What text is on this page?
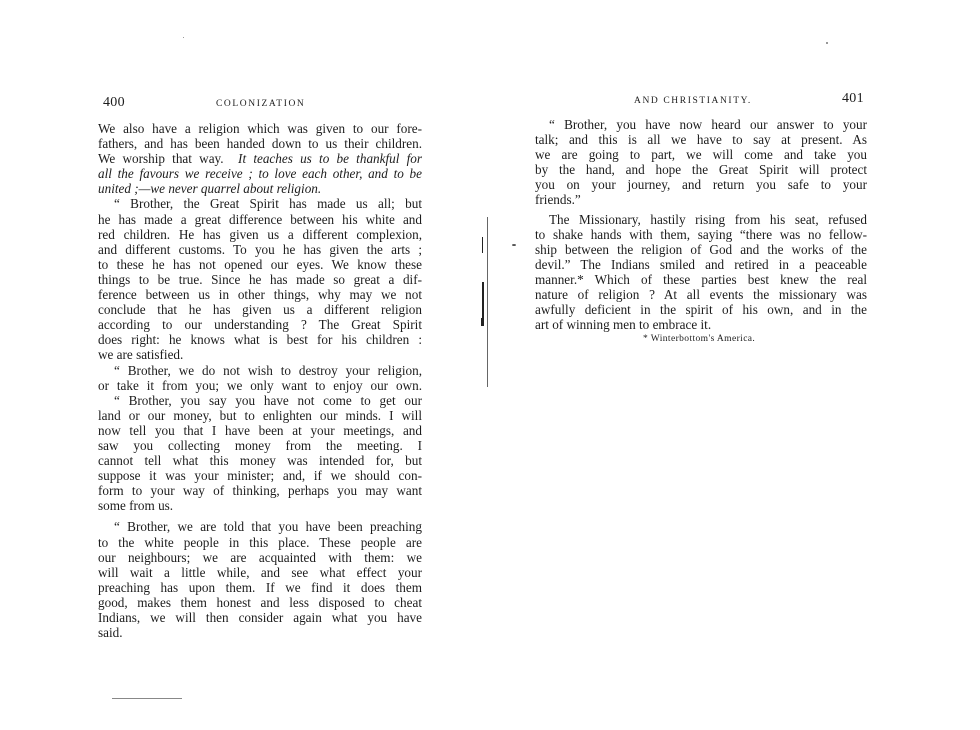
400	COLONIZATION

We also have a religion which was given to our fore-
fathers, and has been handed down to us their children.
We worship that way. It teaches us to be thankful for
all the favours we receive ; to love each other, and to be
united ;—we never quarrel about religion.

“ Brother, the Great Spirit has made us all; but
he has made a great difference between his white and
red children. He has given us a different complexion,
and different customs. To you he has given the arts ;
to these he has not opened our eyes. We know these
things to be true. Since he has made so great a dif-
ference between us in other things, why may we not
conclude that he has given us a different religion
according to our understanding ? The Great Spirit
does right: he knows what is best for his children :
we are satisfied.

“ Brother, we do not wish to destroy your religion,
or take it from you; we only want to enjoy our own.

“ Brother, you say you have not come to get our
land or our money, but to enlighten our minds. I will
now tell you that I have been at your meetings, and
saw you collecting money from the meeting. I
cannot tell what this money was intended for, but
suppose it was your minister; and, if we should con-
form to your way of thinking, perhaps you may want
some from us.

“ Brother, we are told that you have been preaching
to the white people in this place. These people are
our neighbours; we are acquainted with them: we
will wait a little while, and see what effect your
preaching has upon them. If we find it does them
good, makes them honest and less disposed to cheat
Indians, we will then consider again what you have
said.

AND CHRISTIANITY.	401

“ Brother, you have now heard our answer to your
talk; and this is all we have to say at present. As
we are going to part, we will come and take you
by the hand, and hope the Great Spirit will protect
you on your journey, and return you safe to your
friends.”

The Missionary, hastily rising from his seat, refused
to shake hands with them, saying “there was no fellow-
ship between the religion of God and the works of the
devil.” The Indians smiled and retired in a peaceable
manner.* Which of these parties best knew the real
nature of religion ? At all events the missionary was
awfully deficient in the spirit of his own, and in the
art of winning men to embrace it.

* Winterbottom's America.
